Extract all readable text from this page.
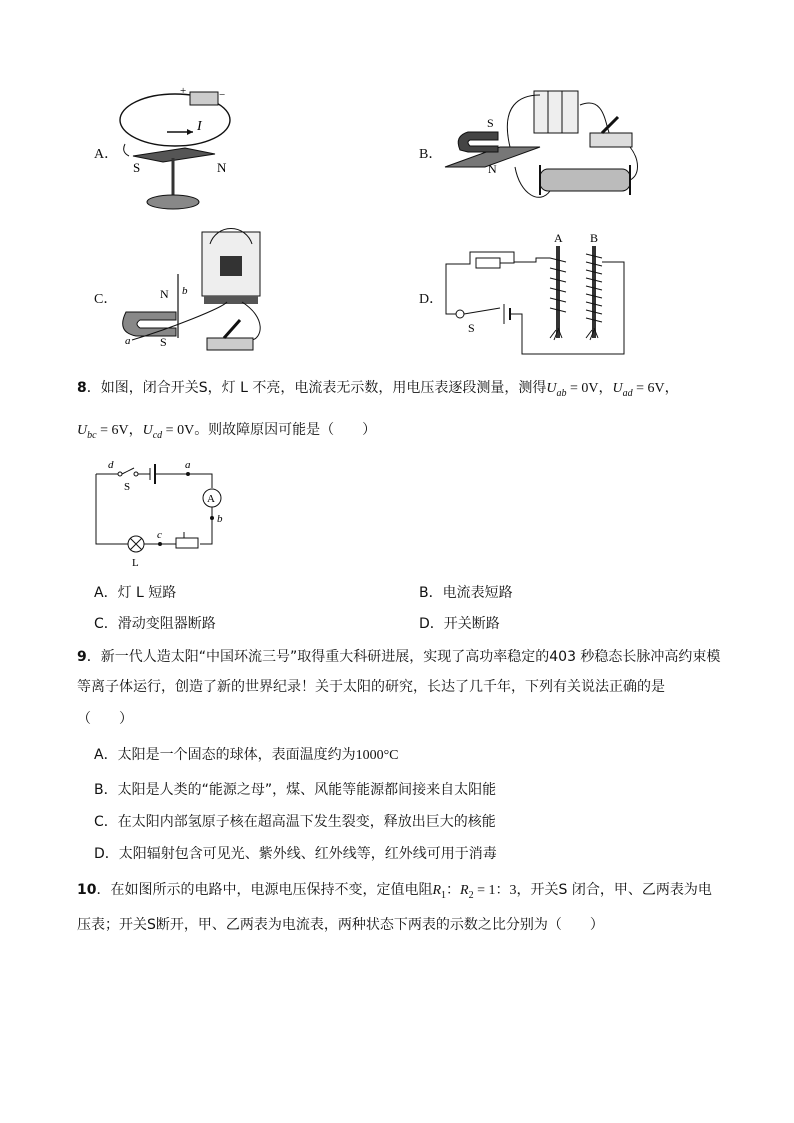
A．
+	−
I
S	N
B．
S
N
C．	N
S
b
a
D．
A B
S
8．如图，闭合开关S，灯 L 不亮，电流表无示数，用电压表逐段测量，测得$U_{ab} = 0V$，$U_{ad} = 6V$，
$U_{bc} = 6V$，$U_{cd} = 0V$。则故障原因可能是（　　）
A
d
S
a
b
c
L
A．灯 L 短路	B．电流表短路
C．滑动变阻器断路	D．开关断路
9．新一代人造太阳“中国环流三号”取得重大科研进展，实现了高功率稳定的403 秒稳态长脉冲高约束模
等离子体运行，创造了新的世界纪录！关于太阳的研究，长达了几千年，下列有关说法正确的是
（　　）
A．太阳是一个固态的球体，表面温度约为1000°C
B．太阳是人类的“能源之母”，煤、风能等能源都间接来自太阳能
C．在太阳内部氢原子核在超高温下发生裂变，释放出巨大的核能
D．太阳辐射包含可见光、紫外线、红外线等，红外线可用于消毒
10．在如图所示的电路中，电源电压保持不变，定值电阻$R_1$：$R_2 = 1$：3，开关S 闭合，甲、乙两表为电
压表；开关S断开，甲、乙两表为电流表，两种状态下两表的示数之比分别为（　　）
